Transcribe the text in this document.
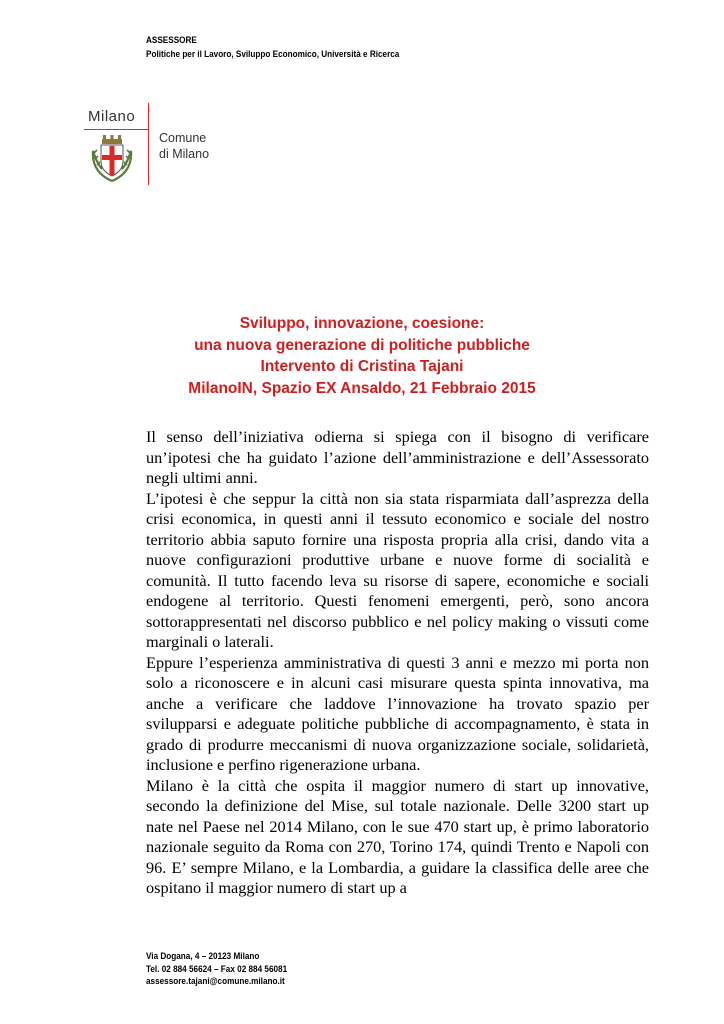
ASSESSORE
Politiche per il Lavoro, Sviluppo Economico, Università e Ricerca
Milano
Comune
di Milano
Sviluppo, innovazione, coesione:
una nuova generazione di politiche pubbliche
Intervento di Cristina Tajani
MilanoIN, Spazio EX Ansaldo, 21 Febbraio 2015

Il senso dell’iniziativa odierna si spiega con il bisogno di verificare un’ipotesi che ha guidato l’azione dell’amministrazione e dell’Assessorato negli ultimi anni.

L’ipotesi è che seppur la città non sia stata risparmiata dall’asprezza della crisi economica, in questi anni il tessuto economico e sociale del nostro territorio abbia saputo fornire una risposta propria alla crisi, dando vita a nuove configurazioni produttive urbane e nuove forme di socialità e comunità. Il tutto facendo leva su risorse di sapere, economiche e sociali endogene al territorio. Questi fenomeni emergenti, però, sono ancora sottorappresentati nel discorso pubblico e nel policy making o vissuti come marginali o laterali.

Eppure l’esperienza amministrativa di questi 3 anni e mezzo mi porta non solo a riconoscere e in alcuni casi misurare questa spinta innovativa, ma anche a verificare che laddove l’innovazione ha trovato spazio per svilupparsi e adeguate politiche pubbliche di accompagnamento, è stata in grado di produrre meccanismi di nuova organizzazione sociale, solidarietà, inclusione e perfino rigenerazione urbana.

Milano è la città che ospita il maggior numero di start up innovative, secondo la definizione del Mise, sul totale nazionale. Delle 3200 start up nate nel Paese nel 2014 Milano, con le sue 470 start up, è primo laboratorio nazionale seguito da Roma con 270, Torino 174, quindi Trento e Napoli con 96. E’ sempre Milano, e la Lombardia, a guidare la classifica delle aree che ospitano il maggior numero di start up a

Via Dogana, 4 – 20123 Milano
Tel. 02 884 56624 – Fax 02 884 56081
assessore.tajani@comune.milano.it
